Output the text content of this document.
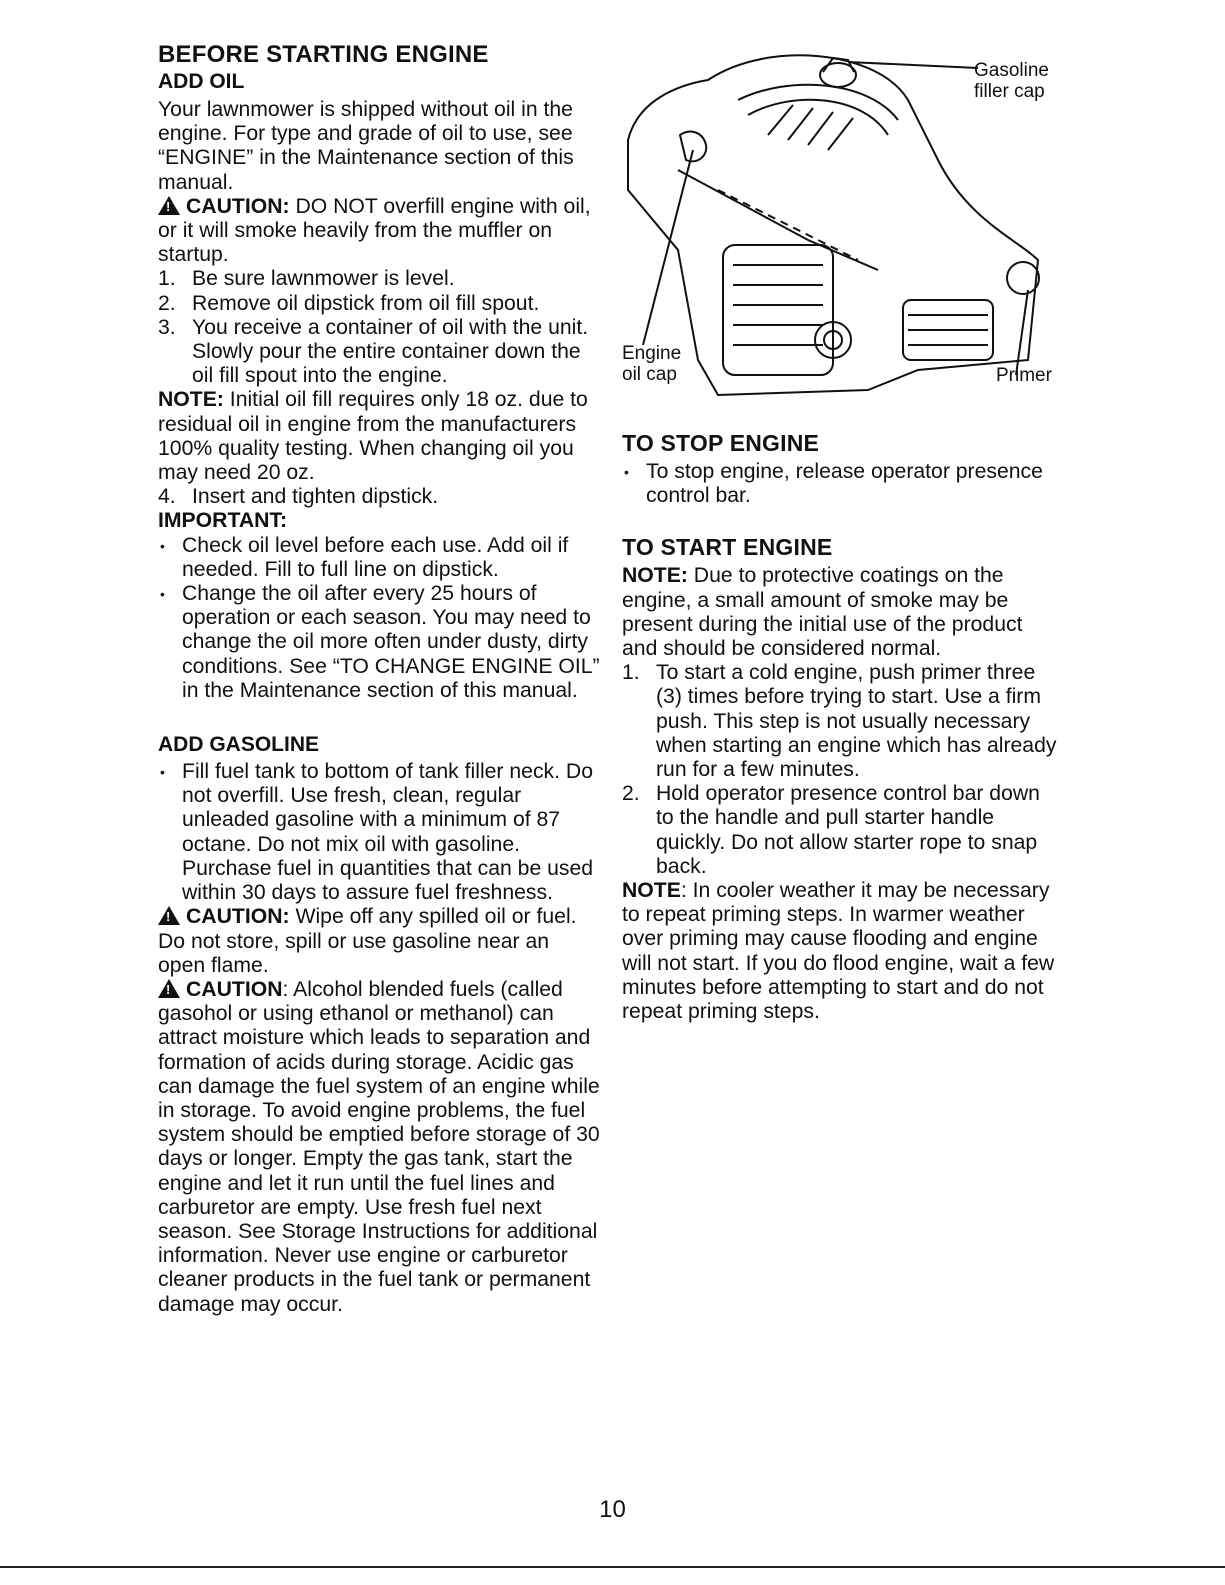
BEFORE STARTING ENGINE
ADD OIL

Your lawnmower is shipped without oil in the engine. For type and grade of oil to use, see “ENGINE” in the Maintenance section of this manual.

!CAUTION: DO NOT overfill engine with oil, or it will smoke heavily from the muffler on startup.

1. Be sure lawnmower is level.
2. Remove oil dipstick from oil fill spout.
3. You receive a container of oil with the unit. Slowly pour the entire container down the oil fill spout into the engine.

NOTE: Initial oil fill requires only 18 oz. due to residual oil in engine from the manufacturers 100% quality testing. When changing oil you may need 20 oz.

4. Insert and tighten dipstick.

IMPORTANT:

• Check oil level before each use. Add oil if needed. Fill to full line on dipstick.
• Change the oil after every 25 hours of operation or each season. You may need to change the oil more often under dusty, dirty conditions. See “TO CHANGE ENGINE OIL” in the Maintenance section of this manual.
ADD GASOLINE
• Fill fuel tank to bottom of tank filler neck. Do not overfill. Use fresh, clean, regular unleaded gasoline with a minimum of 87 octane. Do not mix oil with gasoline. Purchase fuel in quantities that can be used within 30 days to assure fuel freshness.

!CAUTION: Wipe off any spilled oil or fuel. Do not store, spill or use gasoline near an open flame.

!CAUTION: Alcohol blended fuels (called gasohol or using ethanol or methanol) can attract moisture which leads to separation and formation of acids during storage. Acidic gas can damage the fuel system of an engine while in storage. To avoid engine problems, the fuel system should be emptied before storage of 30 days or longer. Empty the gas tank, start the engine and let it run until the fuel lines and carburetor are empty. Use fresh fuel next season. See Storage Instructions for additional information. Never use engine or carburetor cleaner products in the fuel tank or permanent damage may occur.

Gasoline
filler cap
Engine
oil cap	Primer
TO STOP ENGINE
• To stop engine, release operator presence control bar.
TO START ENGINE

NOTE: Due to protective coatings on the engine, a small amount of smoke may be present during the initial use of the product and should be considered normal.

1. To start a cold engine, push primer three (3) times before trying to start. Use a firm push. This step is not usually necessary when starting an engine which has already run for a few minutes.
2. Hold operator presence control bar down to the handle and pull starter handle quickly. Do not allow starter rope to snap back.

NOTE: In cooler weather it may be necessary to repeat priming steps. In warmer weather over priming may cause flooding and engine will not start. If you do flood engine, wait a few minutes before attempting to start and do not repeat priming steps.

10
